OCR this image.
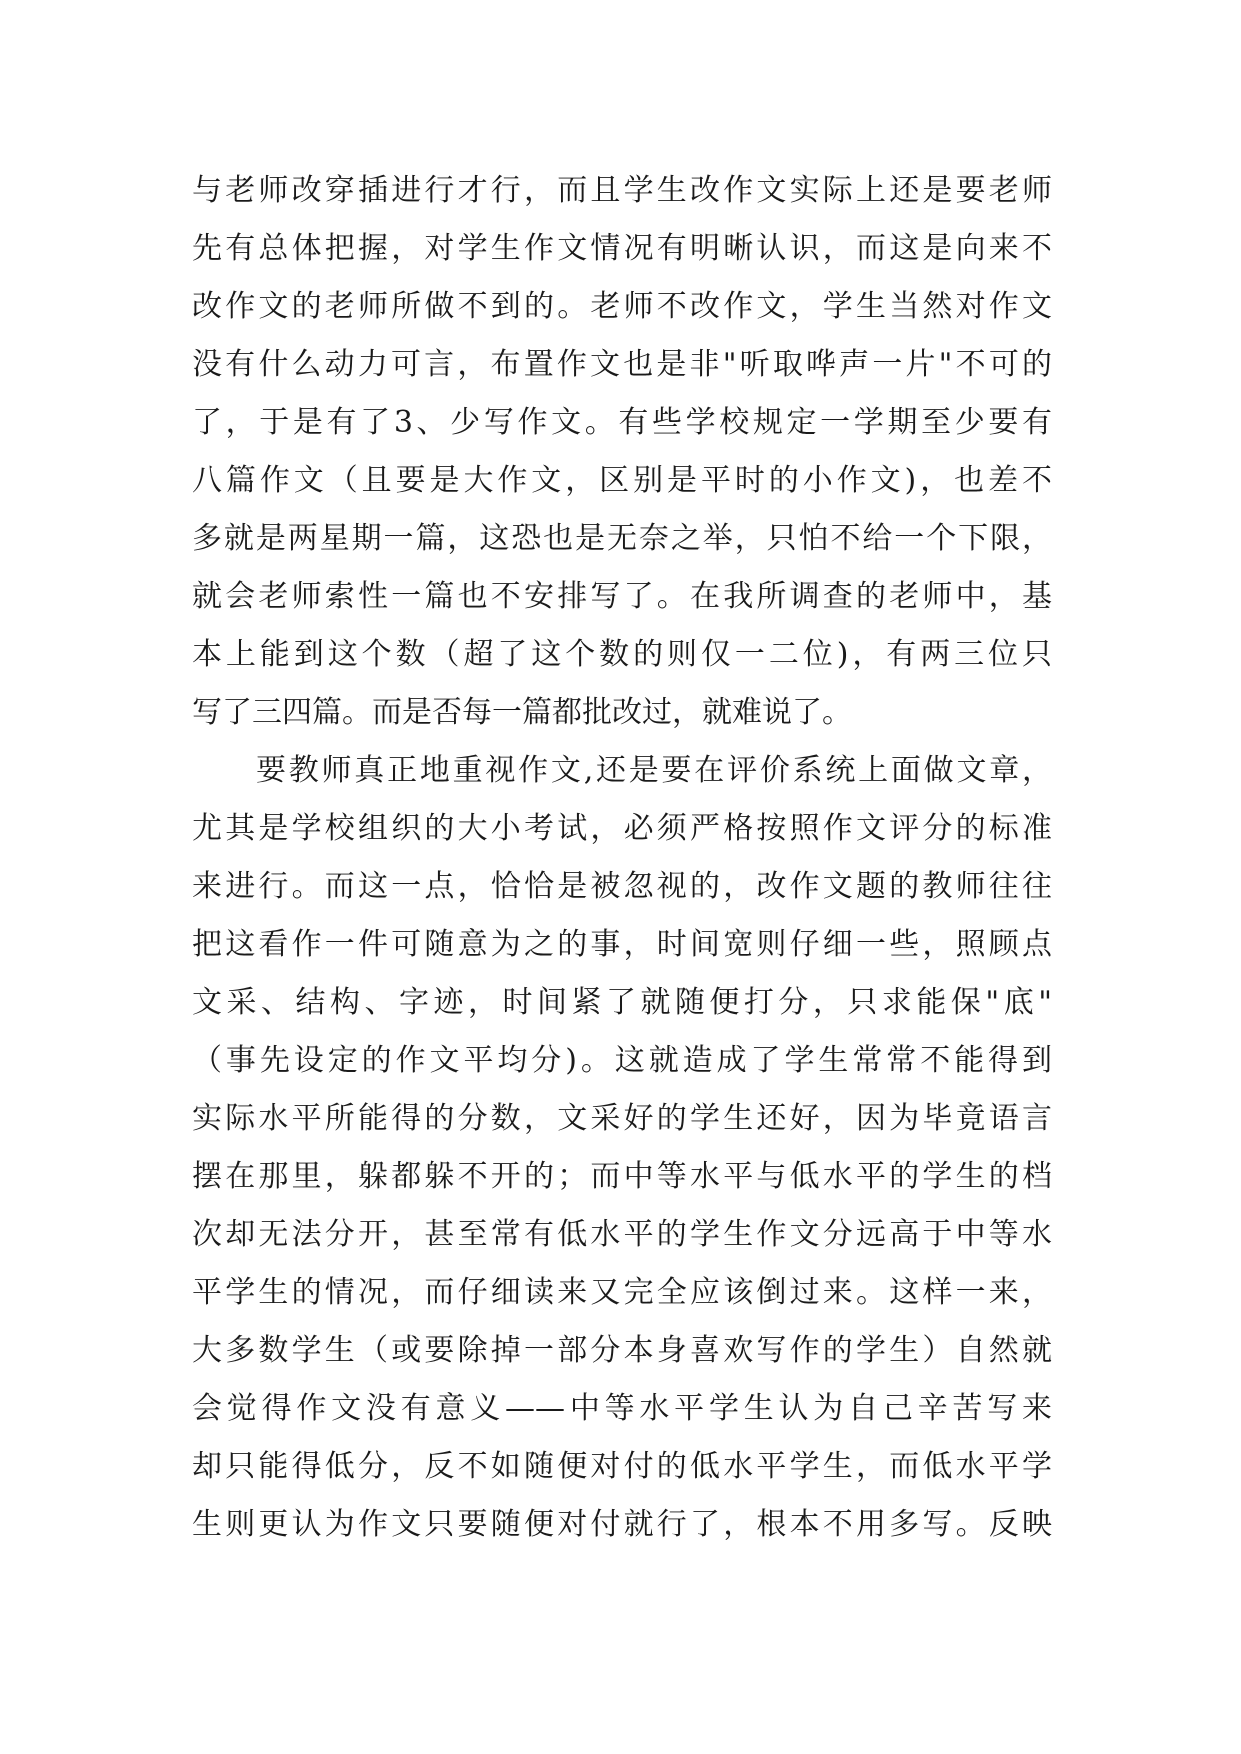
与老师改穿插进行才行，而且学生改作文实际上还是要老师
先有总体把握，对学生作文情况有明晰认识，而这是向来不
改作文的老师所做不到的。老师不改作文，学生当然对作文
没有什么动力可言，布置作文也是非"听取哗声一片"不可的
了，于是有了3、少写作文。有些学校规定一学期至少要有
八篇作文（且要是大作文，区别是平时的小作文)，也差不
多就是两星期一篇，这恐也是无奈之举，只怕不给一个下限，
就会老师索性一篇也不安排写了。在我所调查的老师中，基
本上能到这个数（超了这个数的则仅一二位)，有两三位只
写了三四篇。而是否每一篇都批改过，就难说了。
要教师真正地重视作文,还是要在评价系统上面做文章，
尤其是学校组织的大小考试，必须严格按照作文评分的标准
来进行。而这一点，恰恰是被忽视的，改作文题的教师往往
把这看作一件可随意为之的事，时间宽则仔细一些，照顾点
文采、结构、字迹，时间紧了就随便打分，只求能保"底"
（事先设定的作文平均分)。这就造成了学生常常不能得到
实际水平所能得的分数，文采好的学生还好，因为毕竟语言
摆在那里，躲都躲不开的；而中等水平与低水平的学生的档
次却无法分开，甚至常有低水平的学生作文分远高于中等水
平学生的情况，而仔细读来又完全应该倒过来。这样一来，
大多数学生（或要除掉一部分本身喜欢写作的学生）自然就
会觉得作文没有意义——中等水平学生认为自己辛苦写来
却只能得低分，反不如随便对付的低水平学生，而低水平学
生则更认为作文只要随便对付就行了，根本不用多写。反映
